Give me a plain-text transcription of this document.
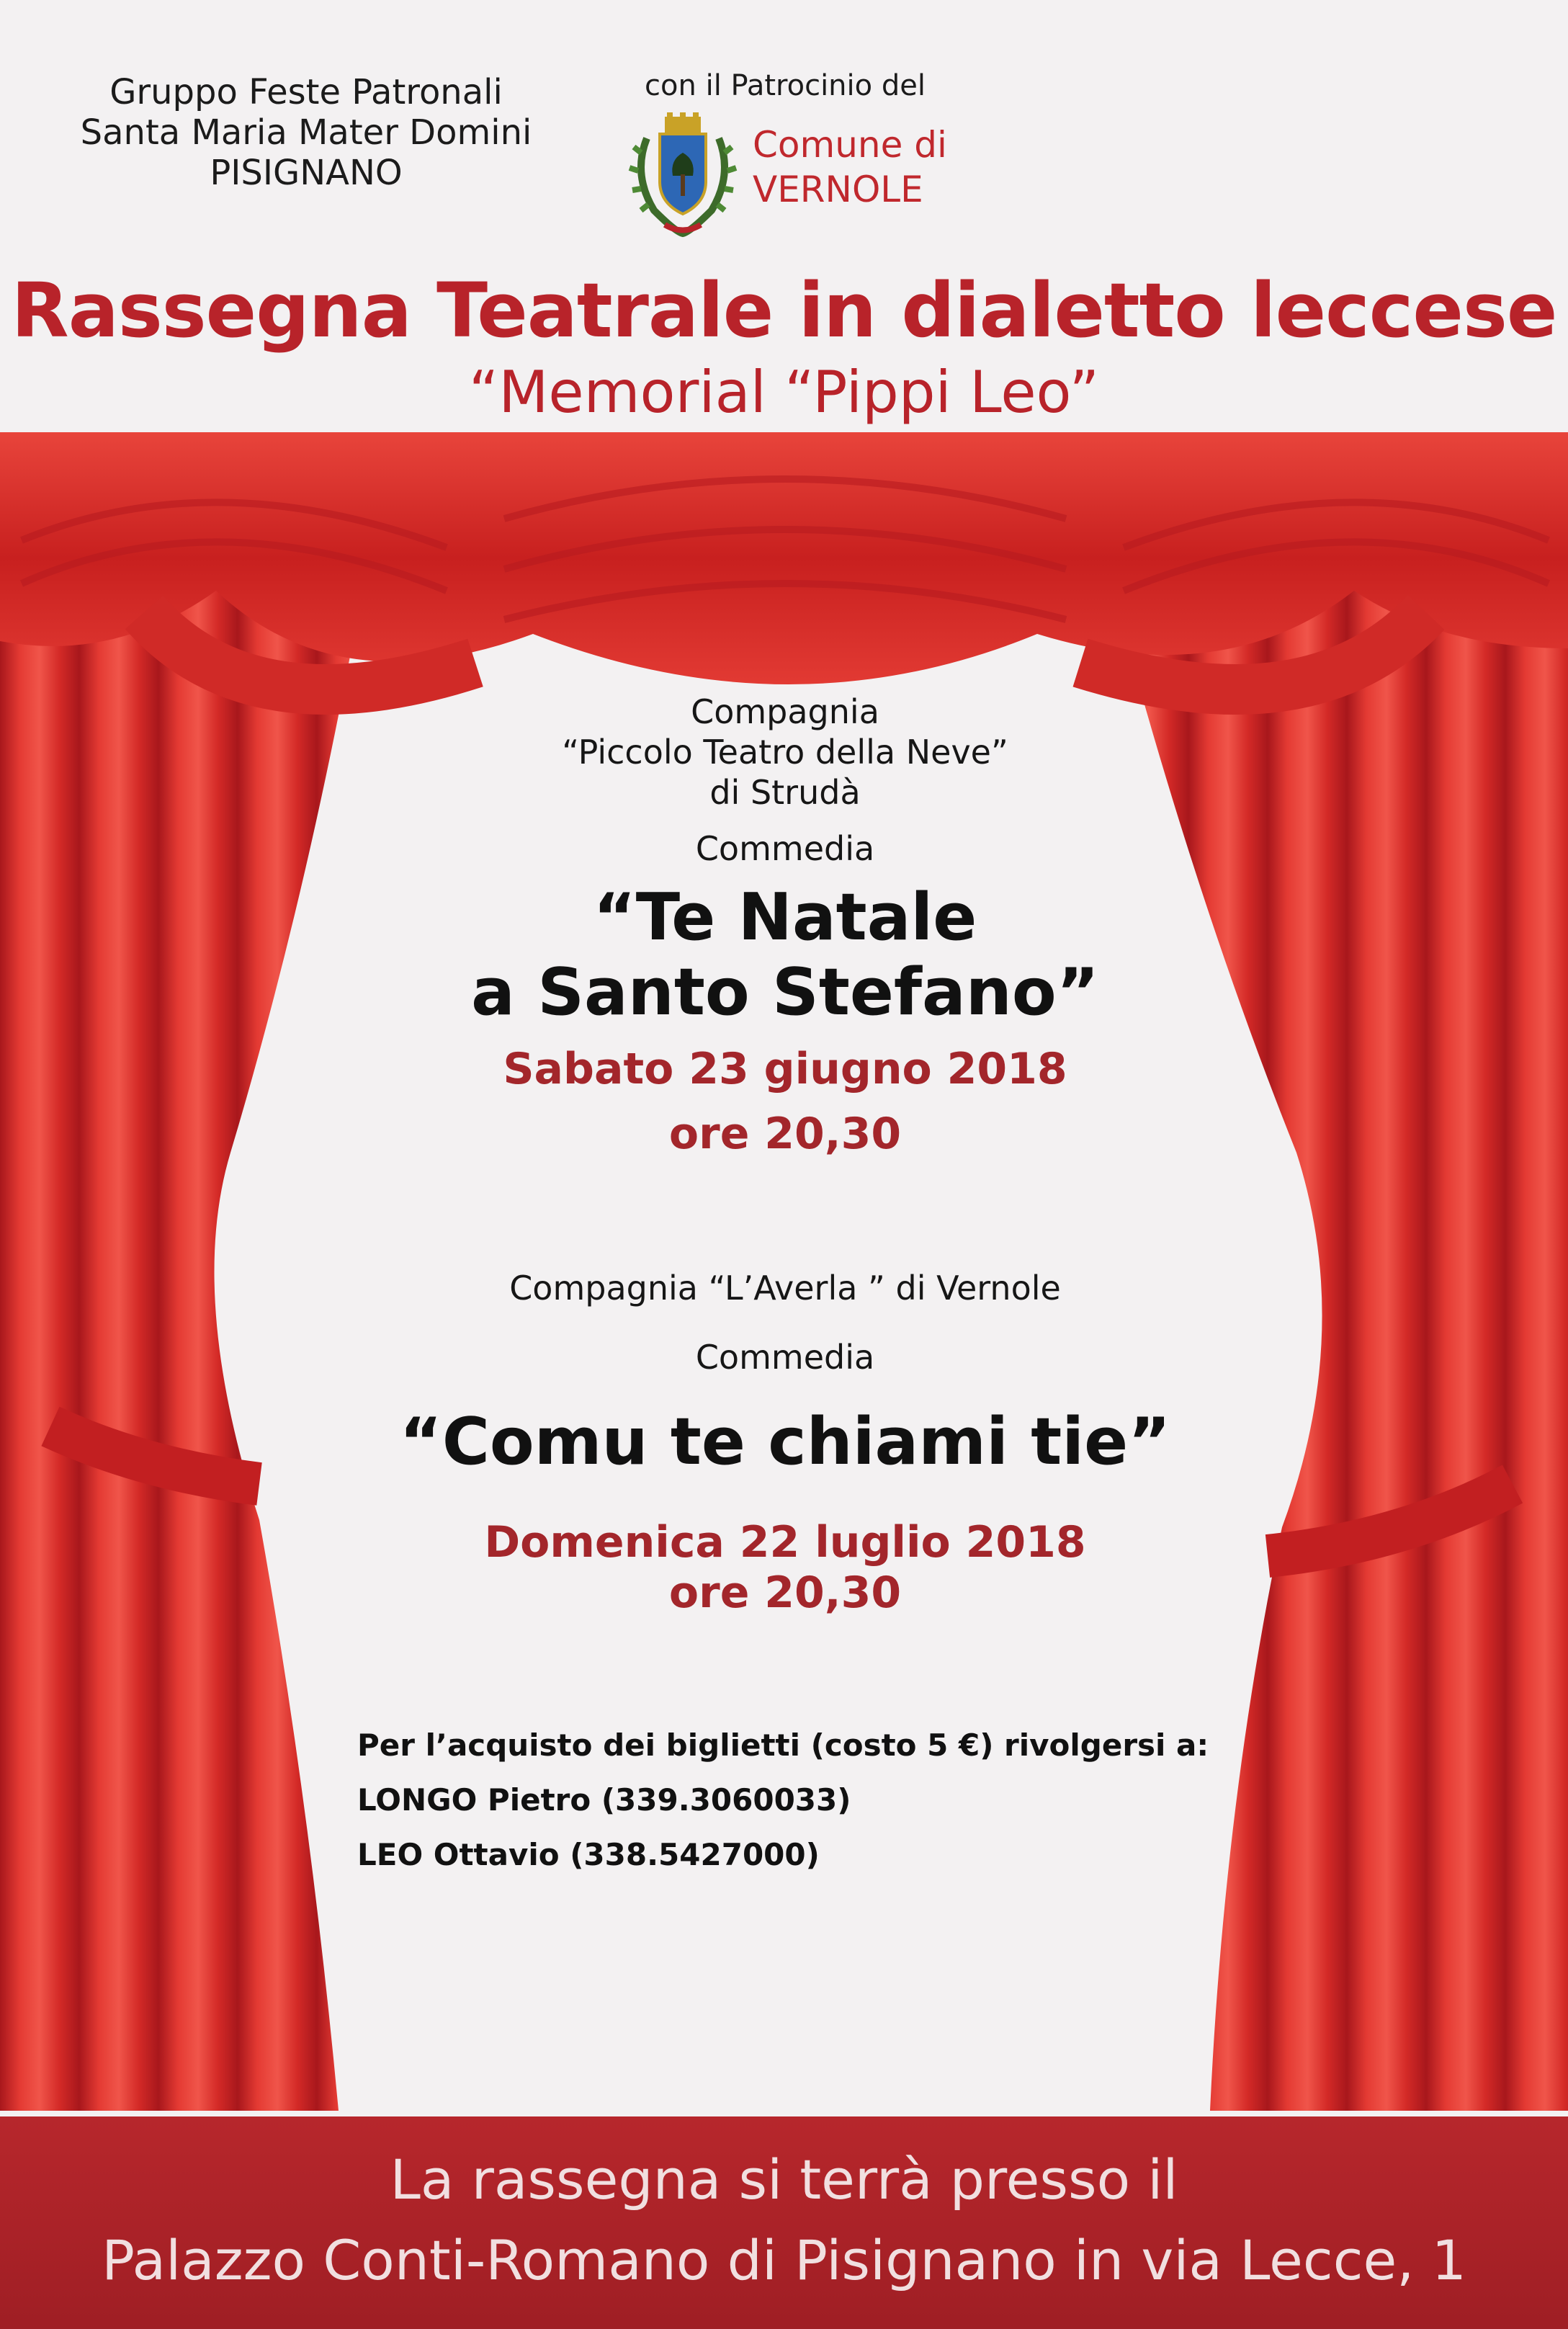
Gruppo Feste Patronali
Santa Maria Mater Domini
PISIGNANO
con il Patrocinio del
Comune di
VERNOLE
Rassegna Teatrale in dialetto leccese
“Memorial “Pippi Leo”
Compagnia
“Piccolo Teatro della Neve”
di Strudà
Commedia
“Te Natale
a Santo Stefano”
Sabato 23 giugno 2018
ore 20,30
Compagnia “L’Averla ” di Vernole
Commedia
“Comu te chiami tie”
Domenica 22 luglio 2018
ore 20,30
Per l’acquisto dei biglietti (costo 5 €) rivolgersi a:
LONGO Pietro (339.3060033)
LEO Ottavio (338.5427000)
La rassegna si terrà presso il
Palazzo Conti-Romano di Pisignano in via Lecce, 1
